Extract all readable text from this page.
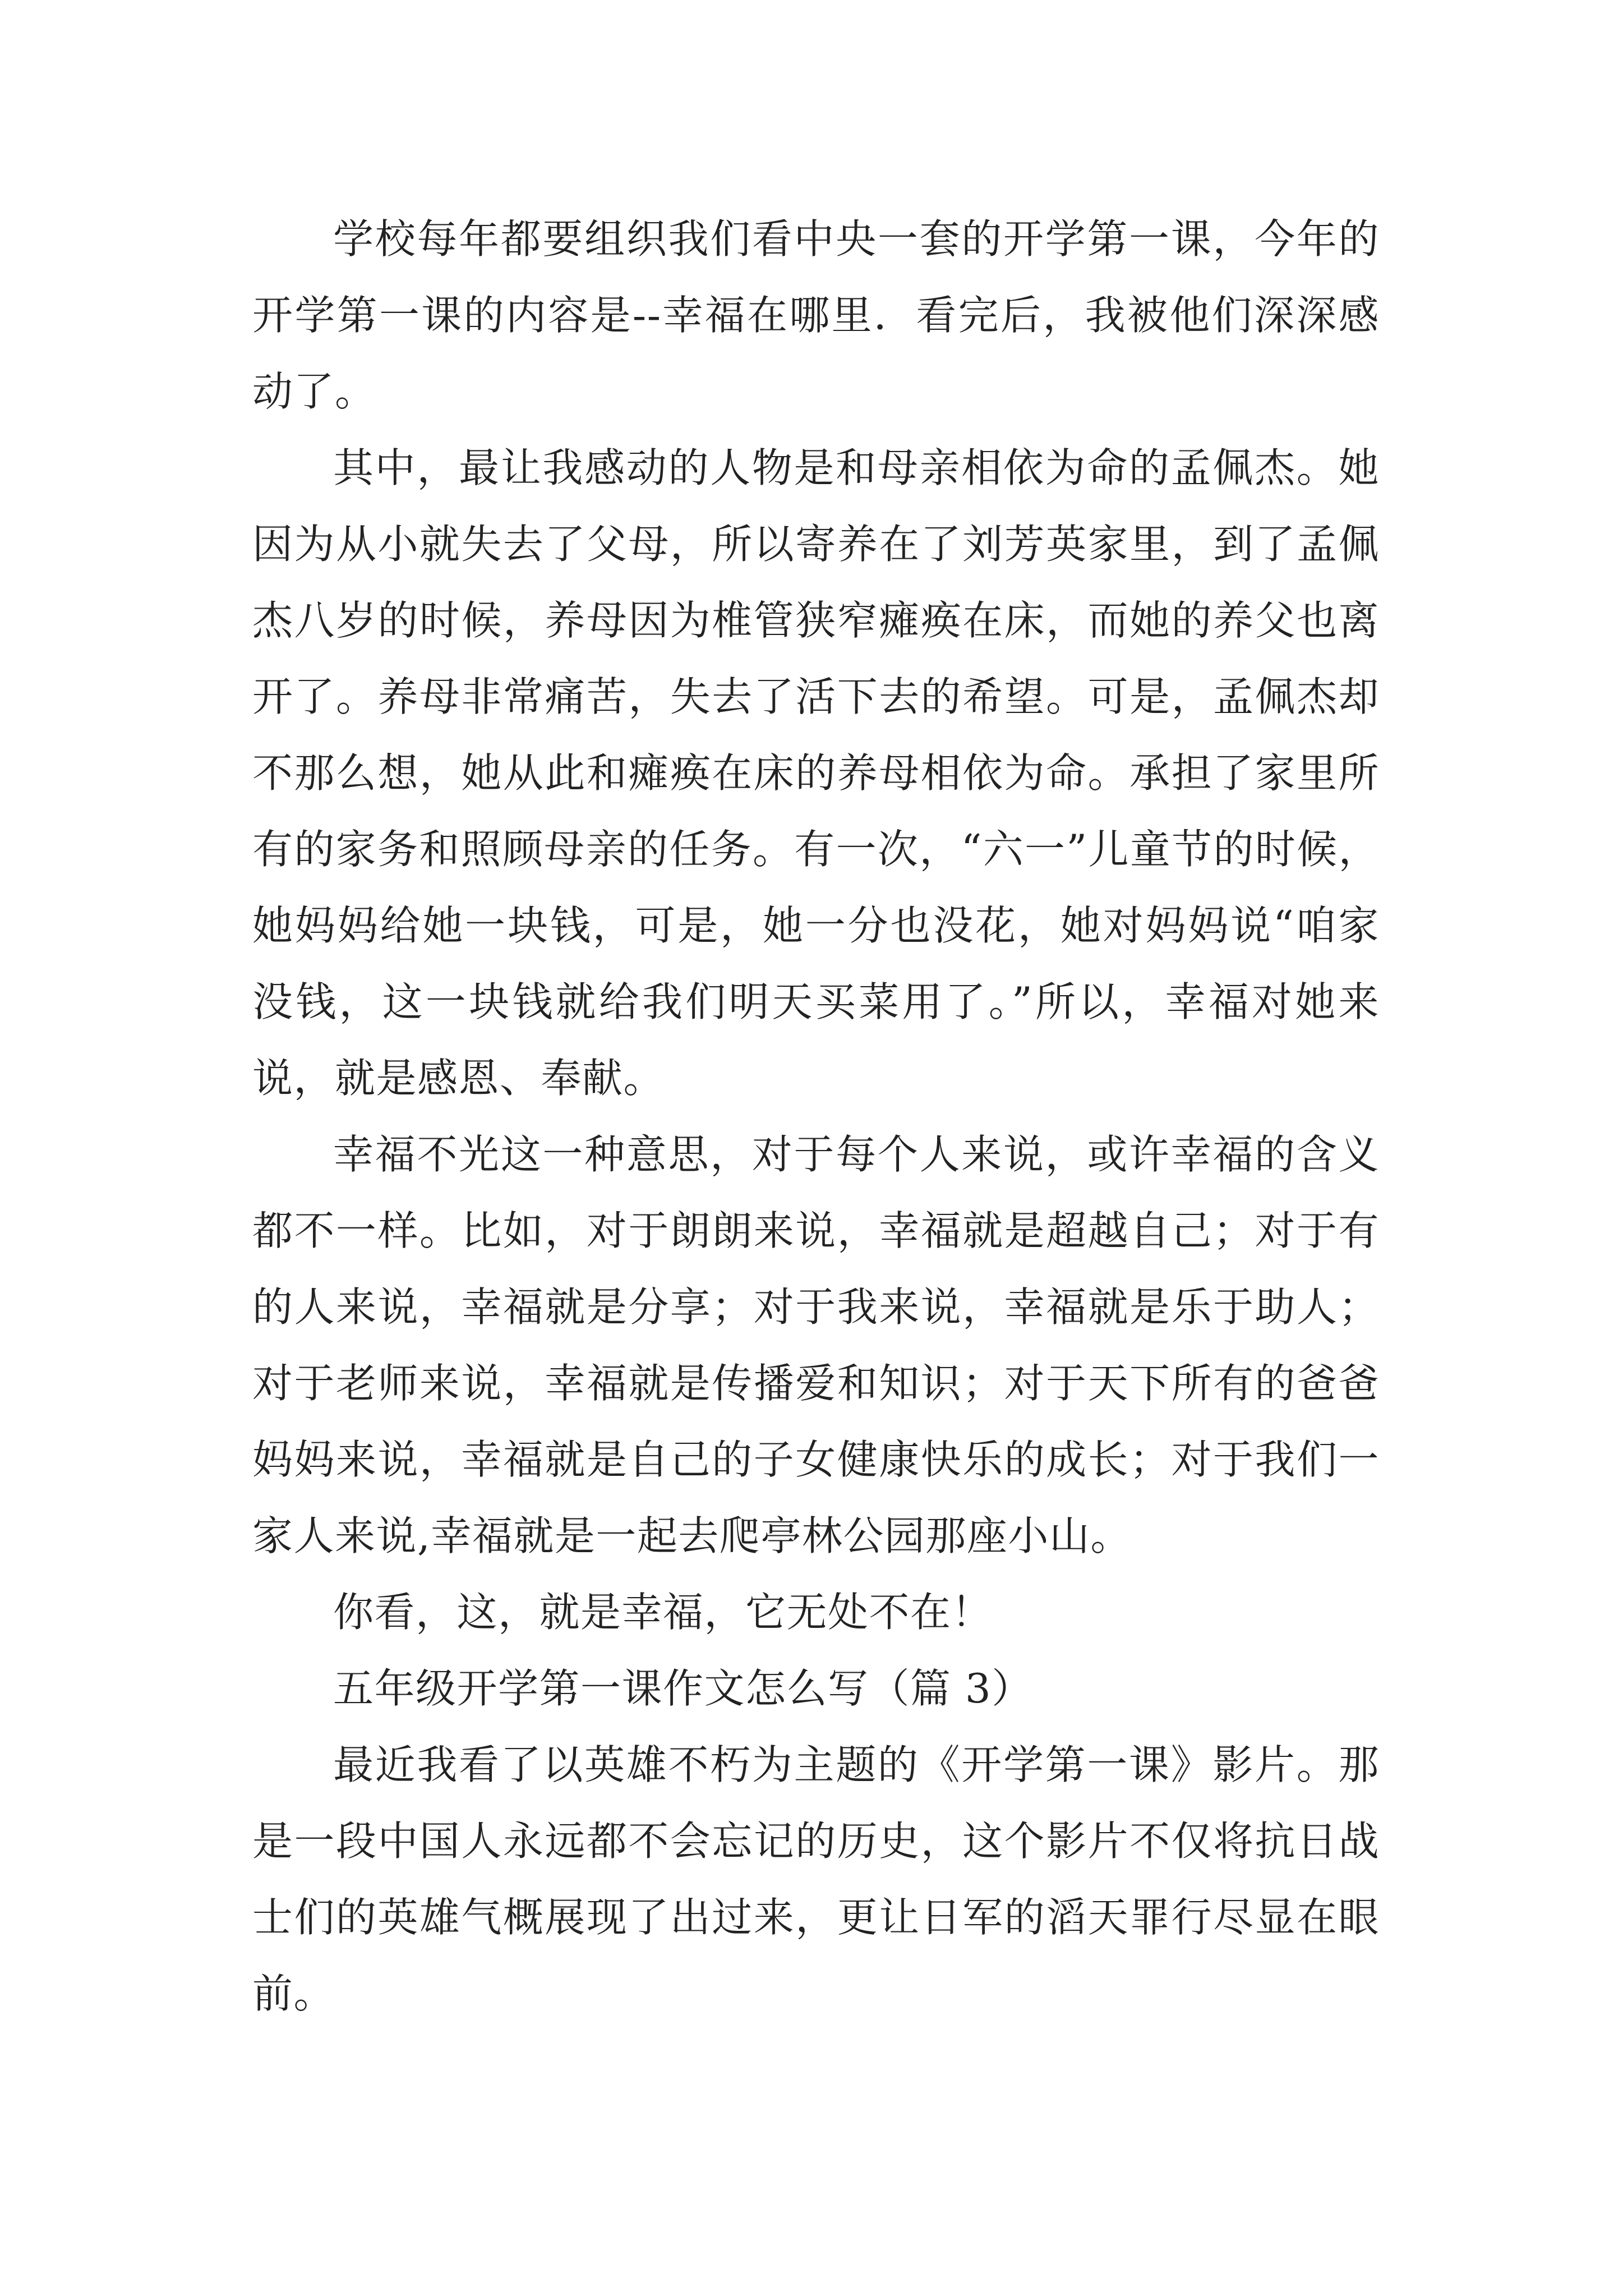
学校每年都要组织我们看中央一套的开学第一课，今年的开学第一课的内容是--幸福在哪里．看完后，我被他们深深感动了。

其中，最让我感动的人物是和母亲相依为命的孟佩杰。她因为从小就失去了父母，所以寄养在了刘芳英家里，到了孟佩杰八岁的时候，养母因为椎管狭窄瘫痪在床，而她的养父也离开了。养母非常痛苦，失去了活下去的希望。可是，孟佩杰却不那么想，她从此和瘫痪在床的养母相依为命。承担了家里所有的家务和照顾母亲的任务。有一次，“六一”儿童节的时候，她妈妈给她一块钱，可是，她一分也没花，她对妈妈说“咱家没钱，这一块钱就给我们明天买菜用了。”所以，幸福对她来说，就是感恩、奉献。

幸福不光这一种意思，对于每个人来说，或许幸福的含义都不一样。比如，对于朗朗来说，幸福就是超越自己；对于有的人来说，幸福就是分享；对于我来说，幸福就是乐于助人；对于老师来说，幸福就是传播爱和知识；对于天下所有的爸爸妈妈来说，幸福就是自己的子女健康快乐的成长；对于我们一家人来说,幸福就是一起去爬亭林公园那座小山。

你看，这，就是幸福，它无处不在！

五年级开学第一课作文怎么写（篇 3）

最近我看了以英雄不朽为主题的《开学第一课》影片。那是一段中国人永远都不会忘记的历史，这个影片不仅将抗日战士们的英雄气概展现了出过来，更让日军的滔天罪行尽显在眼前。
